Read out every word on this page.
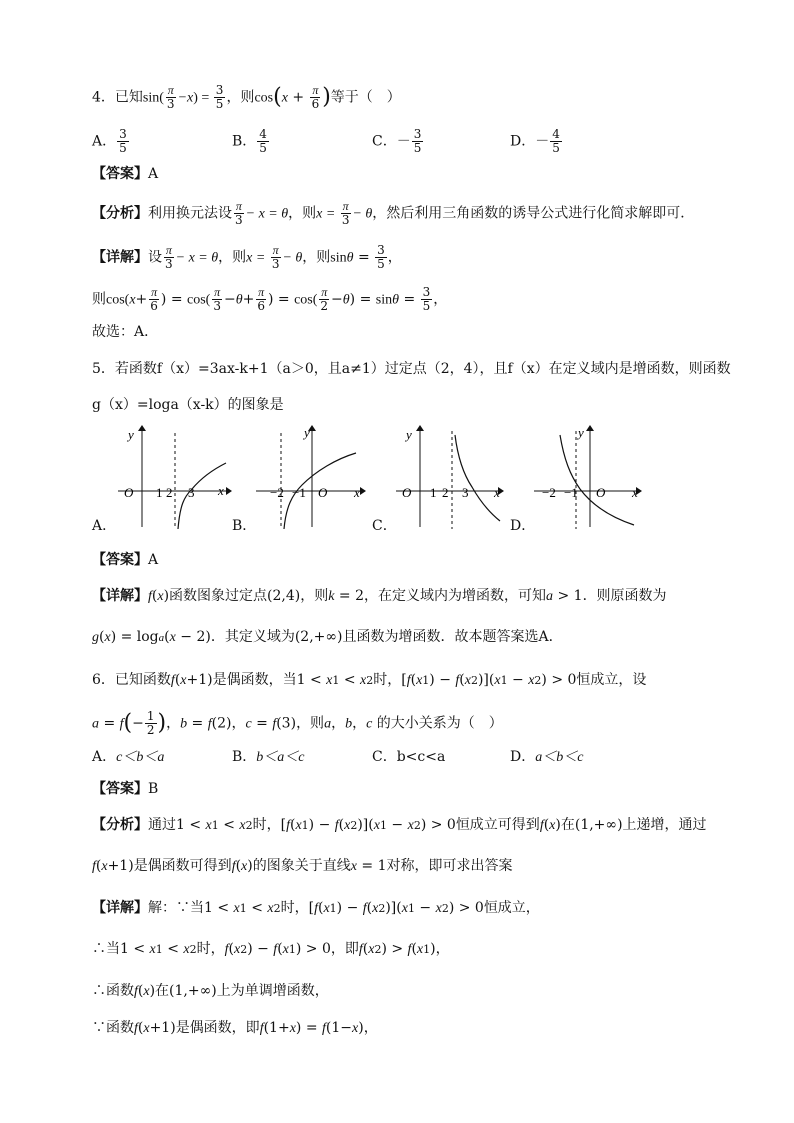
4．已知$\sin( \frac{\pi}{3} -x) = \frac{3}{5}$ ，则$\cos(x + \frac{\pi}{6}$ )等于（　）
A． $\frac{3}{5}$	B． $\frac{4}{5}$	C．－ $\frac{3}{5}$	D．－ $\frac{4}{5}$
【答案】A
【分析】利用换元法设 $\frac{\pi}{3} - x = \theta$，则$x = \frac{\pi}{3} - \theta$，然后利用三角函数的诱导公式进行化简求解即可．
【详解】设 $\frac{\pi}{3} - x = \theta$，则$x = \frac{\pi}{3} - \theta$，则$\sin\theta = \frac{3}{5}$ ，
则$\cos(x+ \frac{\pi}{6}$ ) = $\cos( \frac{\pi}{3} -\theta+ \frac{\pi}{6}$ ) = $\cos( \frac{\pi}{2} -\theta) = \sin\theta = \frac{3}{5}$ ，
故选：A．
5．若函数f（x）=3ax-k+1（a＞0，且a≠1）过定点（2，4），且f（x）在定义域内是增函数，则函数
g（x）=loga（x-k）的图象是
y
x
O 1 2 3
A．
y
x
O
−2 −1
B．
y
x
O 1 2 3
C．
y
x
O
−2 −1
D．
【答案】A
【详解】f(x)函数图象过定点(2,4)，则k = 2，在定义域内为增函数，可知a > 1．则原函数为
g(x) = loga(x − 2)．其定义域为(2,+∞)且函数为增函数．故本题答案选A．
6．已知函数f(x+1)是偶函数，当1 < x1 < x2时，[f(x1) − f(x2)](x1 − x2) > 0恒成立，设
$a = f(- \frac{1}{2}$ )，b = f(2)，c = f(3)，则a，b，c 的大小关系为（　）
A．c＜b＜a	B．b＜a＜c	C．b<c<a	D．a＜b＜c
【答案】B
【分析】通过1 < x1 < x2时，[f(x1) − f(x2)](x1 − x2) > 0恒成立可得到f(x)在(1,+∞)上递增，通过
f(x+1)是偶函数可得到f(x)的图象关于直线x = 1对称，即可求出答案
【详解】解：∵当1 < x1 < x2时，[f(x1) − f(x2)](x1 − x2) > 0恒成立，
∴当1 < x1 < x2时，f(x2) − f(x1) > 0，即f(x2) > f(x1)，
∴函数f(x)在(1,+∞)上为单调增函数，
∵函数f(x+1)是偶函数，即f(1+x) = f(1−x)，
